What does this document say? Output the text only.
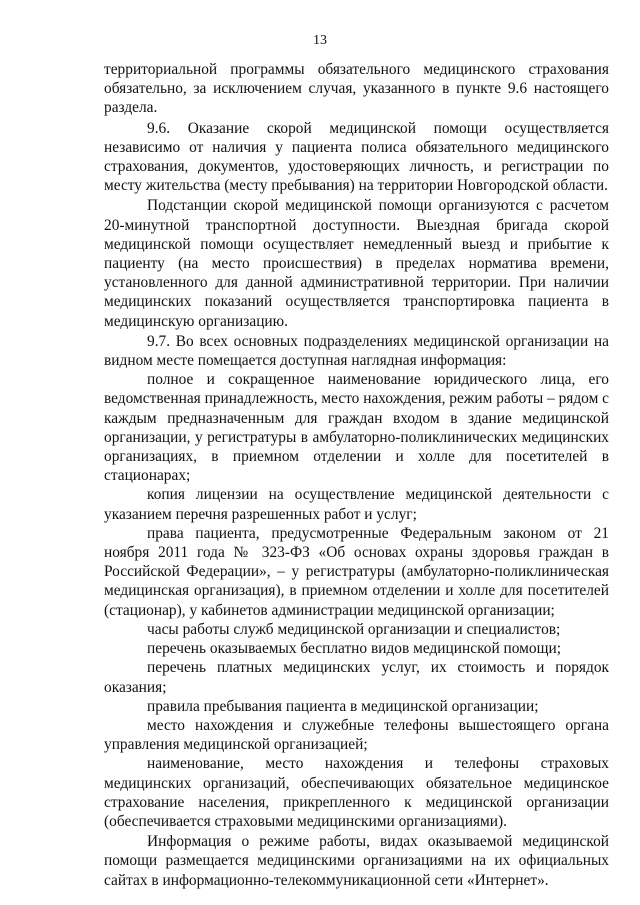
13

территориальной программы обязательного медицинского страхования обязательно, за исключением случая, указанного в пункте 9.6 настоящего раздела.

9.6. Оказание скорой медицинской помощи осуществляется независимо от наличия у пациента полиса обязательного медицинского страхования, документов, удостоверяющих личность, и регистрации по месту жительства (месту пребывания) на территории Новгородской области.

Подстанции скорой медицинской помощи организуются с расчетом 20-минутной транспортной доступности. Выездная бригада скорой медицинской помощи осуществляет немедленный выезд и прибытие к пациенту (на место происшествия) в пределах норматива времени, установленного для данной административной территории. При наличии медицинских показаний осуществляется транспортировка пациента в медицинскую организацию.

9.7. Во всех основных подразделениях медицинской организации на видном месте помещается доступная наглядная информация:

полное и сокращенное наименование юридического лица, его ведомственная принадлежность, место нахождения, режим работы – рядом с каждым предназначенным для граждан входом в здание медицинской организации, у регистратуры в амбулаторно-поликлинических медицинских организациях, в приемном отделении и холле для посетителей в стационарах;

копия лицензии на осуществление медицинской деятельности с указанием перечня разрешенных работ и услуг;

права пациента, предусмотренные Федеральным законом от 21 ноября 2011 года № 323-ФЗ «Об основах охраны здоровья граждан в Российской Федерации», – у регистратуры (амбулаторно-поликлиническая медицинская организация), в приемном отделении и холле для посетителей (стационар), у кабинетов администрации медицинской организации;

часы работы служб медицинской организации и специалистов;

перечень оказываемых бесплатно видов медицинской помощи;

перечень платных медицинских услуг, их стоимость и порядок оказания;

правила пребывания пациента в медицинской организации;

место нахождения и служебные телефоны вышестоящего органа управления медицинской организацией;

наименование, место нахождения и телефоны страховых медицинских организаций, обеспечивающих обязательное медицинское страхование населения, прикрепленного к медицинской организации (обеспечивается страховыми медицинскими организациями).

Информация о режиме работы, видах оказываемой медицинской помощи размещается медицинскими организациями на их официальных сайтах в информационно-телекоммуникационной сети «Интернет».
